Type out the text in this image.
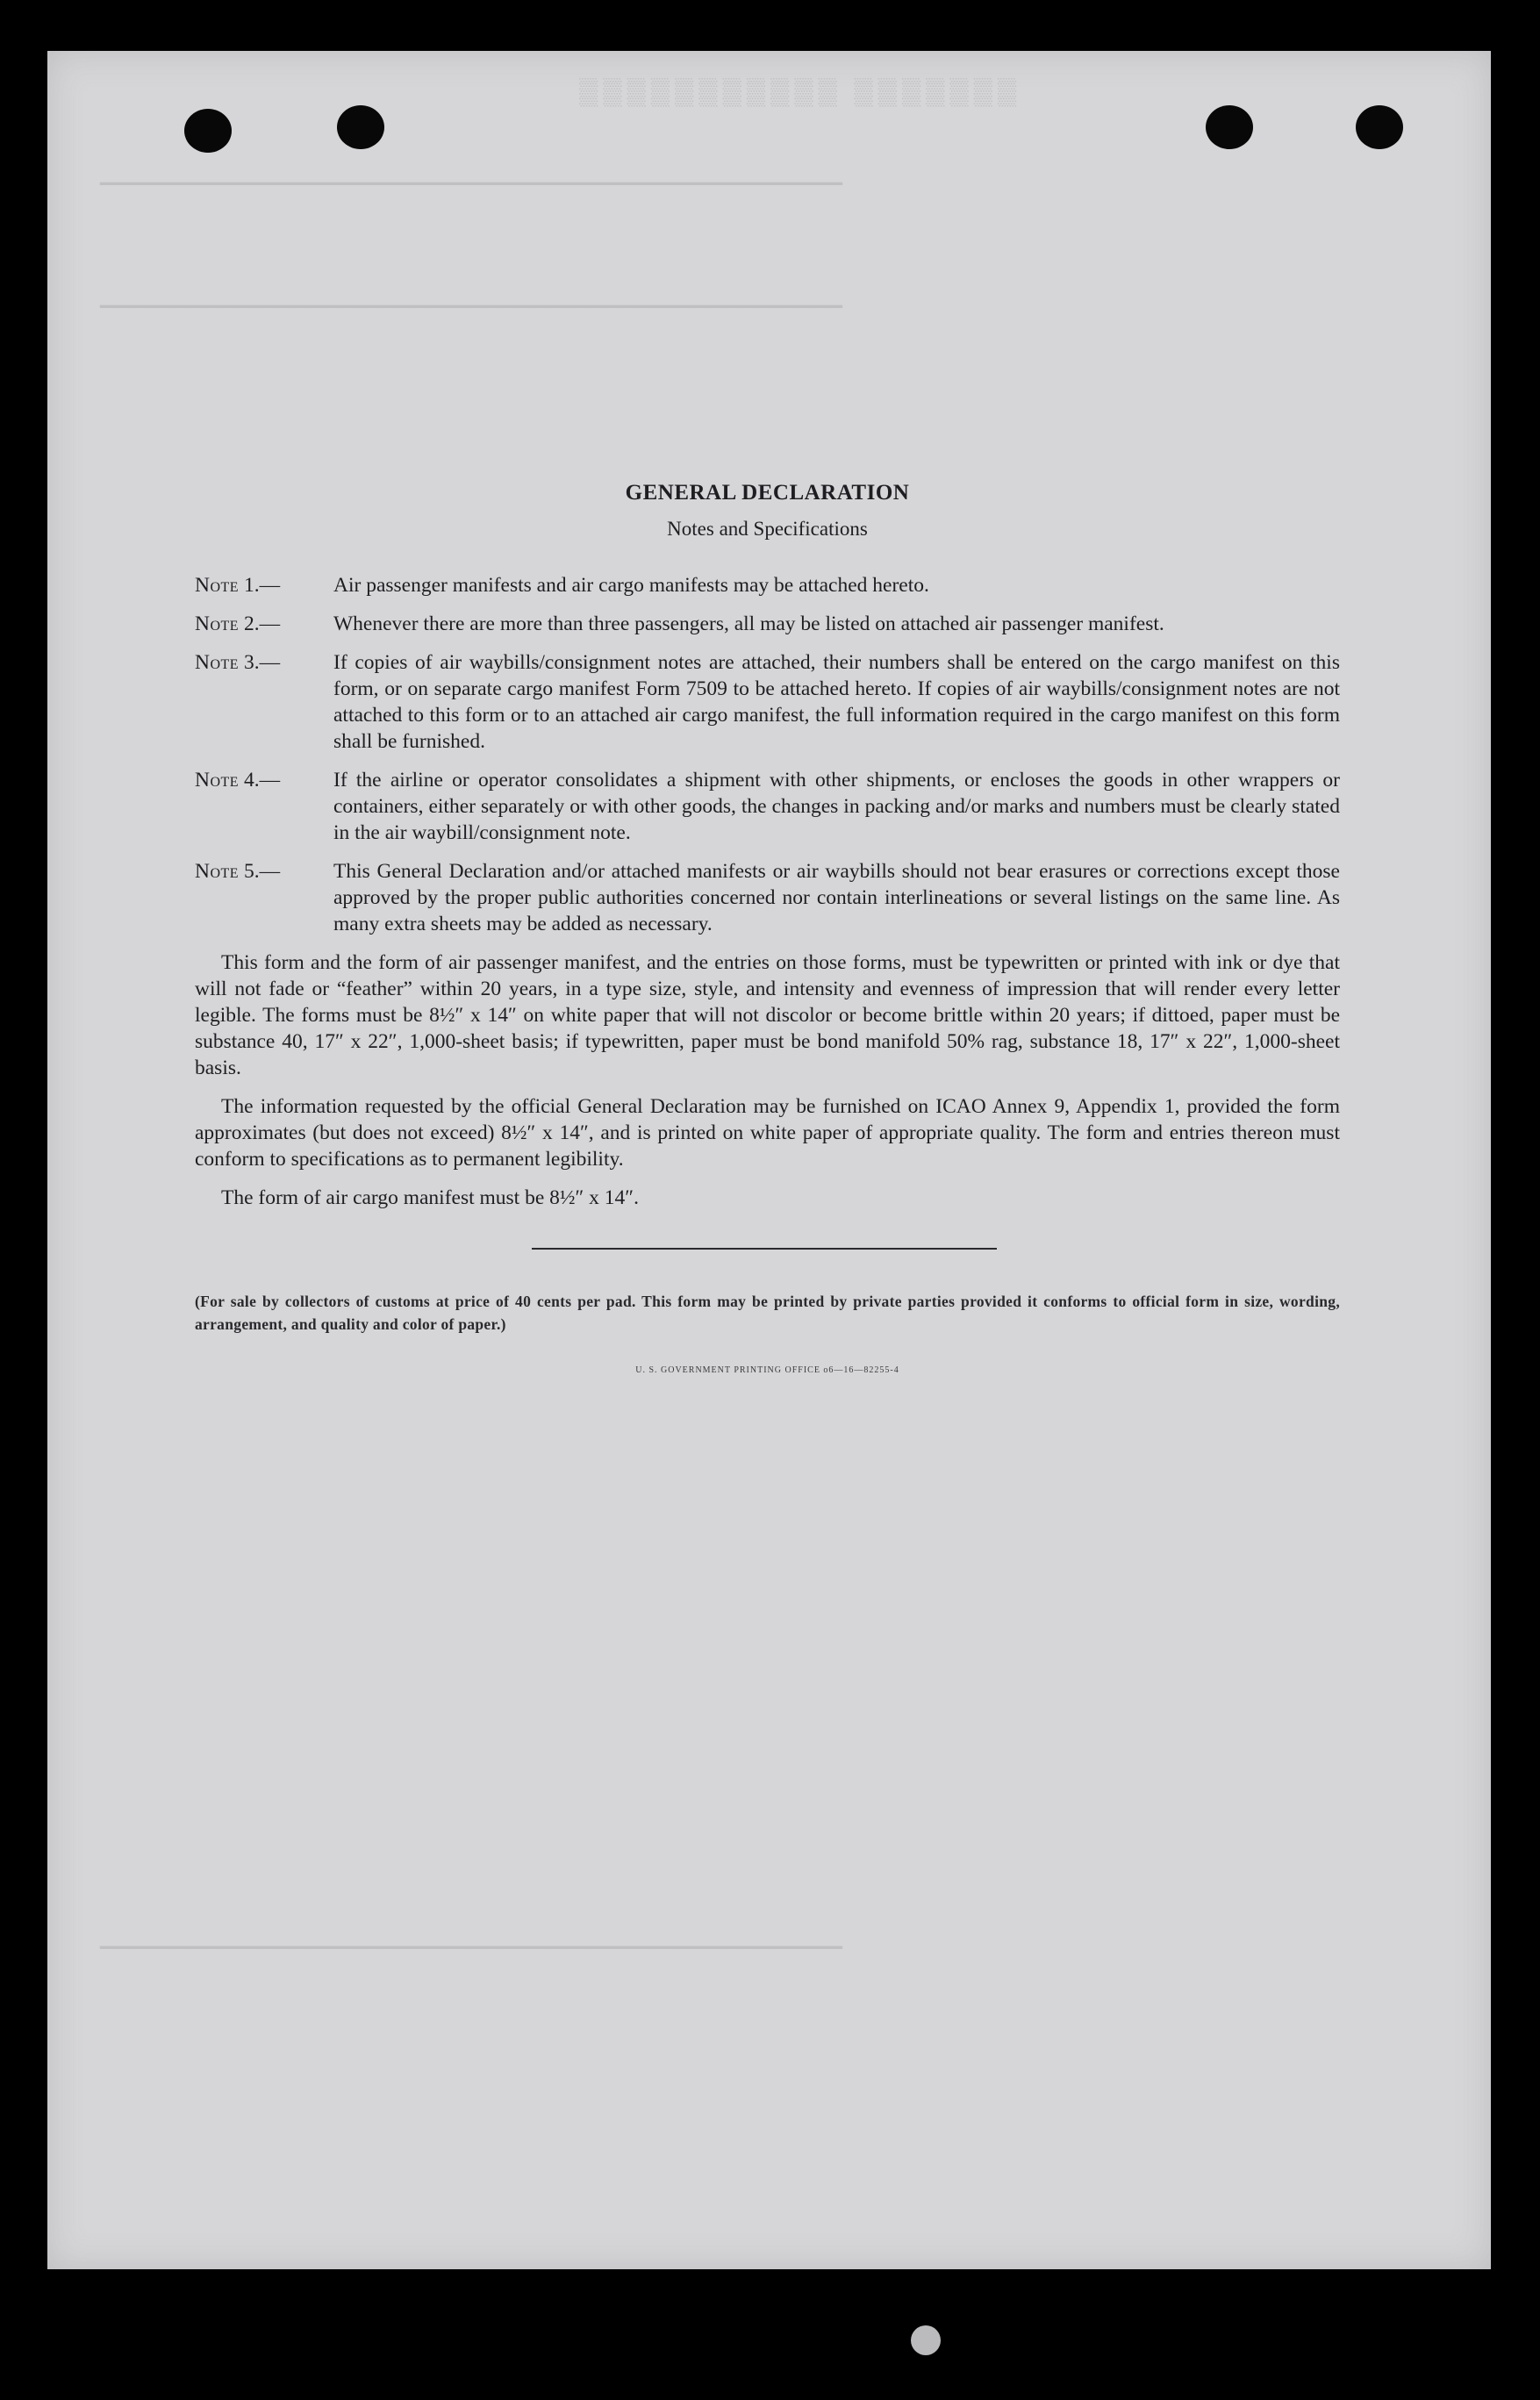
▒▒▒▒▒▒▒ ▒▒▒▒▒▒▒▒▒▒▒
▔▔▔▔▔▔▔▔▔▔▔▔▔▔▔▔▔▔▔▔▔▔▔▔▔▔▔▔▔▔▔▔▔▔▔▔▔▔▔▔▔▔▔▔▔▔▔▔▔▔
▔▔▔▔▔▔▔▔▔▔▔▔▔▔▔▔▔▔▔▔▔▔▔▔▔▔▔▔▔▔▔▔▔▔▔▔▔▔▔▔▔▔▔▔▔▔▔▔▔▔
▔▔▔▔▔▔▔▔▔▔▔▔▔▔▔▔▔▔▔▔▔▔▔▔▔▔▔▔▔▔▔▔▔▔▔▔▔▔▔▔▔▔▔▔▔▔▔▔▔▔
GENERAL DECLARATION
Notes and Specifications
Note 1.—	Air passenger manifests and air cargo manifests may be attached hereto.
Note 2.—	Whenever there are more than three passengers, all may be listed on attached air passenger manifest.
Note 3.—	If copies of air waybills/consignment notes are attached, their numbers shall be entered on the cargo manifest on this form, or on separate cargo manifest Form 7509 to be attached hereto. If copies of air waybills/consignment notes are not attached to this form or to an attached air cargo manifest, the full information required in the cargo manifest on this form shall be furnished.
Note 4.—	If the airline or operator consolidates a shipment with other shipments, or encloses the goods in other wrappers or containers, either separately or with other goods, the changes in packing and/or marks and numbers must be clearly stated in the air waybill/consignment note.
Note 5.—	This General Declaration and/or attached manifests or air waybills should not bear erasures or corrections except those approved by the proper public authorities concerned nor contain interlineations or several listings on the same line. As many extra sheets may be added as necessary.

This form and the form of air passenger manifest, and the entries on those forms, must be typewritten or printed with ink or dye that will not fade or “feather” within 20 years, in a type size, style, and intensity and evenness of impression that will render every letter legible. The forms must be 8½″ x 14″ on white paper that will not discolor or become brittle within 20 years; if dittoed, paper must be substance 40, 17″ x 22″, 1,000-sheet basis; if typewritten, paper must be bond manifold 50% rag, substance 18, 17″ x 22″, 1,000-sheet basis.

The information requested by the official General Declaration may be furnished on ICAO Annex 9, Appendix 1, provided the form approximates (but does not exceed) 8½″ x 14″, and is printed on white paper of appropriate quality. The form and entries thereon must conform to specifications as to permanent legibility.

The form of air cargo manifest must be 8½″ x 14″.

(For sale by collectors of customs at price of 40 cents per pad. This form may be printed by private parties provided it conforms to official form in size, wording, arrangement, and quality and color of paper.)
U. S. GOVERNMENT PRINTING OFFICE o6—16—82255-4
